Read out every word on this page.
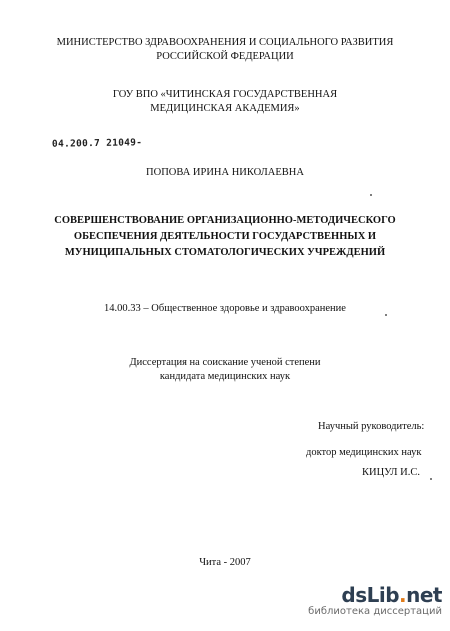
МИНИСТЕРСТВО ЗДРАВООХРАНЕНИЯ И СОЦИАЛЬНОГО РАЗВИТИЯ
РОССИЙСКОЙ ФЕДЕРАЦИИ
ГОУ ВПО «ЧИТИНСКАЯ ГОСУДАРСТВЕННАЯ
МЕДИЦИНСКАЯ АКАДЕМИЯ»
04.200.7 21049-
ПОПОВА ИРИНА НИКОЛАЕВНА
СОВЕРШЕНСТВОВАНИЕ ОРГАНИЗАЦИОННО-МЕТОДИЧЕСКОГО
ОБЕСПЕЧЕНИЯ ДЕЯТЕЛЬНОСТИ ГОСУДАРСТВЕННЫХ И
МУНИЦИПАЛЬНЫХ СТОМАТОЛОГИЧЕСКИХ УЧРЕЖДЕНИЙ
14.00.33 – Общественное здоровье и здравоохранение
Диссертация на соискание ученой степени
кандидата медицинских наук
Научный руководитель:
доктор медицинских наук
КИЦУЛ И.С.
Чита - 2007
dsLib.net
библиотека диссертаций
